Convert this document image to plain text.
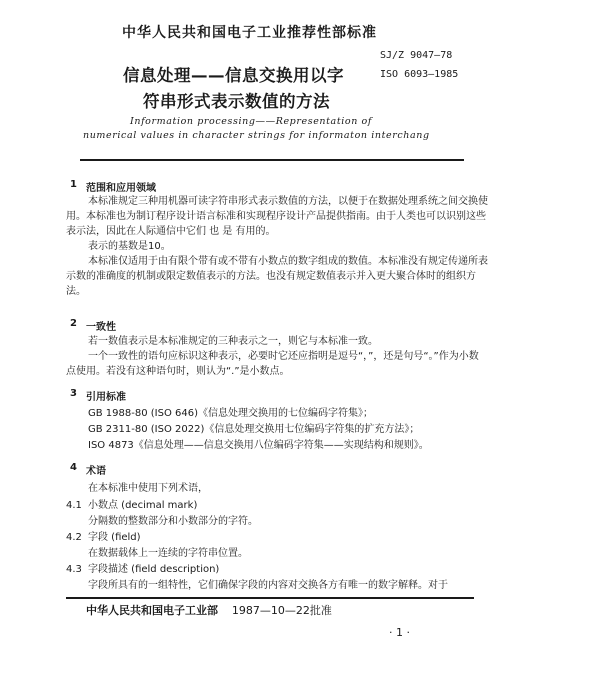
中华人民共和国电子工业推荐性部标准
SJ/Z 9047—78
ISO 6093—1985
信息处理——信息交换用以字
符串形式表示数值的方法
Information processing——Representation of
numerical values in character strings for informaton interchang
1 范围和应用领域
本标准规定三种用机器可读字符串形式表示数值的方法，以便于在数据处理系统之间交换使用。本标准也为制订程序设计语言标准和实现程序设计产品提供指南。由于人类也可以识别这些表示法，因此在人际通信中它们 也 是 有用的。
表示的基数是10。
本标准仅适用于由有限个带有或不带有小数点的数字组成的数值。本标准没有规定传递所表示数的准确度的机制或限定数值表示的方法。也没有规定数值表示并入更大聚合体时的组织方法。
2 一致性
若一数值表示是本标准规定的三种表示之一，则它与本标准一致。
一个一致性的语句应标识这种表示，必要时它还应指明是逗号“，”，还是句号“。”作为小数点使用。若没有这种语句时，则认为“.”是小数点。
3 引用标准
GB 1988-80 (ISO 646)《信息处理交换用的七位编码字符集》；
GB 2311-80 (ISO 2022)《信息处理交换用七位编码字符集的扩充方法》；
ISO 4873《信息处理——信息交换用八位编码字符集——实现结构和规则》。
4 术语
在本标准中使用下列术语，
4.1 小数点 (decimal mark)
分隔数的整数部分和小数部分的字符。
4.2 字段 (field)
在数据载体上一连续的字符串位置。
4.3 字段描述 (field description)
字段所具有的一组特性，它们确保字段的内容对交换各方有唯一的数字解释。对于
中华人民共和国电子工业部 1987—10—22批准
· 1 ·
